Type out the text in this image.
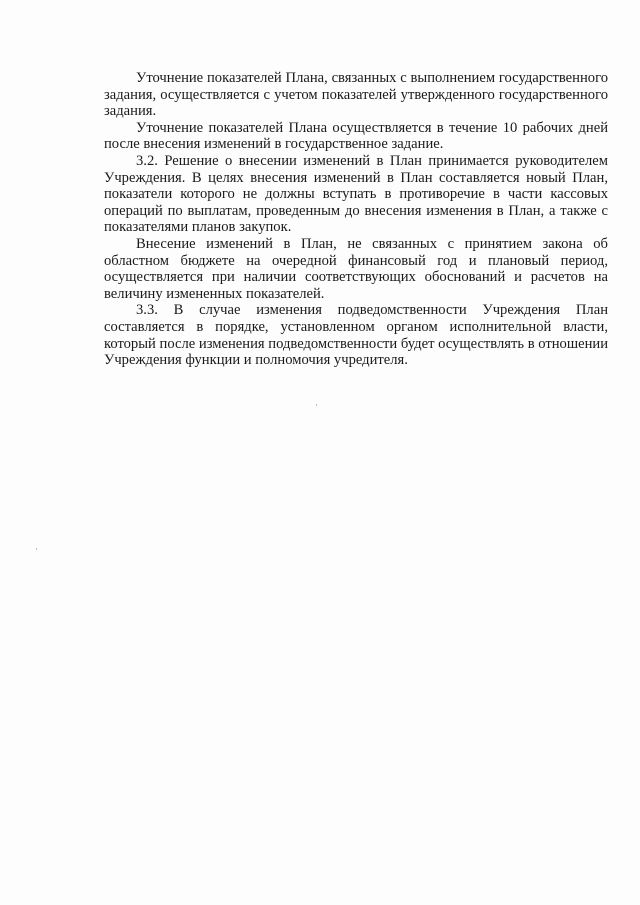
Уточнение показателей Плана, связанных с выполнением государственного задания, осуществляется с учетом показателей утвержденного государственного задания.

Уточнение показателей Плана осуществляется в течение 10 рабочих дней после внесения изменений в государственное задание.

3.2. Решение о внесении изменений в План принимается руководителем Учреждения. В целях внесения изменений в План составляется новый План, показатели которого не должны вступать в противоречие в части кассовых операций по выплатам, проведенным до внесения изменения в План, а также с показателями планов закупок.

Внесение изменений в План, не связанных с принятием закона об областном бюджете на очередной финансовый год и плановый период, осуществляется при наличии соответствующих обоснований и расчетов на величину измененных показателей.

3.3. В случае изменения подведомственности Учреждения План составляется в порядке, установленном органом исполнительной власти, который после изменения подведомственности будет осуществлять в отношении Учреждения функции и полномочия учредителя.
